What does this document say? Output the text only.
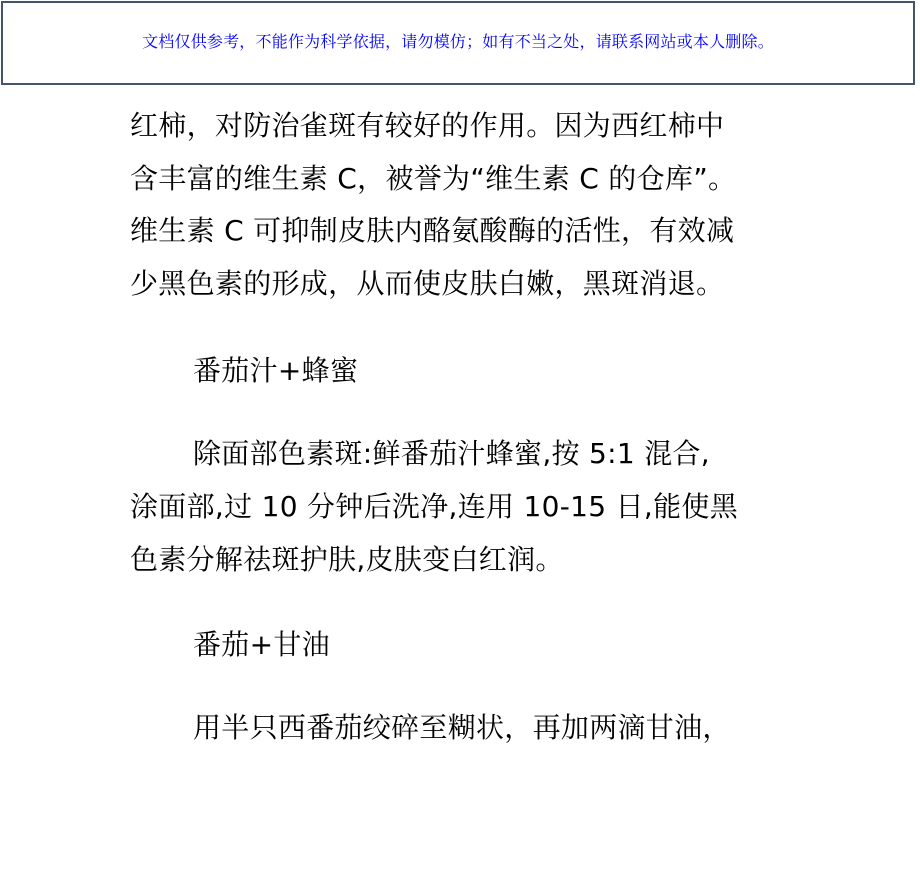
文档仅供参考，不能作为科学依据，请勿模仿；如有不当之处，请联系网站或本人删除。
红柿，对防治雀斑有较好的作用。因为西红柿中
含丰富的维生素 C，被誉为“维生素 C 的仓库”。
维生素 C 可抑制皮肤内酪氨酸酶的活性，有效减
少黑色素的形成，从而使皮肤白嫩，黑斑消退。
番茄汁+蜂蜜
除面部色素斑:鲜番茄汁蜂蜜,按 5:1 混合,
涂面部,过 10 分钟后洗净,连用 10-15 日,能使黑
色素分解祛斑护肤,皮肤变白红润。
番茄+甘油
用半只西番茄绞碎至糊状，再加两滴甘油，
